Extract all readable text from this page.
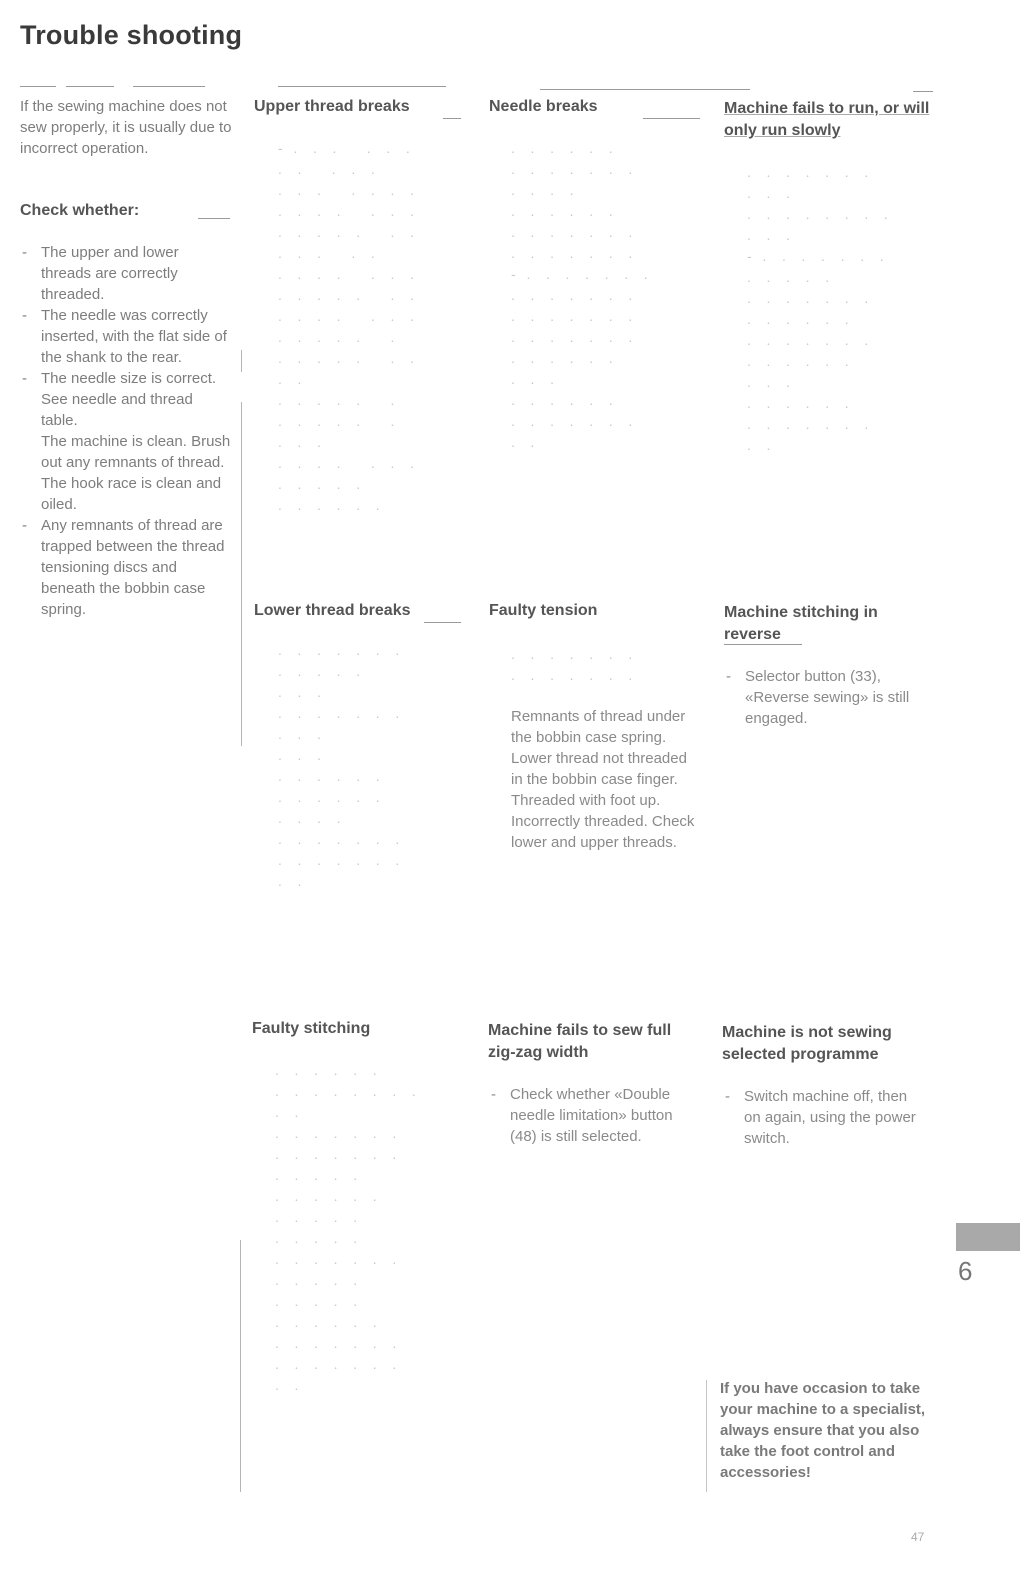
Trouble shooting
If the sewing machine does not sew properly, it is usually due to incorrect operation.
Check whether:
- The upper and lower threads are correctly threaded.
- The needle was correctly inserted, with the flat side of the shank to the rear.
- The needle size is correct. See needle and thread table.
The machine is clean. Brush out any remnants of thread.
The hook race is clean and oiled.
- Any remnants of thread are trapped between the thread tensioning discs and beneath the bobbin case spring.
Upper thread breaks
-  .   .   .      .   .   .
.   .      .   .   .
.   .   .      .   .   .   .
.   .   .   .      .   .   .
.   .   .   .   .      .   .
.   .   .      .   .
.   .   .   .      .   .   .
.   .   .   .   .      .   .
.   .   .   .      .   .   .
.   .   .   .   .      .
.   .   .   .   .      .   .
.   .
.   .   .   .   .      .
.   .   .   .   .      .
.   .   .
.   .   .   .      .   .   .
.   .   .   .   .
.   .   .   .   .   .
Needle breaks
.   .   .   .   .   .
.   .   .   .   .   .   .
.   .   .   .
.   .   .   .   .   .
.   .   .   .   .   .   .
.   .   .   .   .   .   .
-  .   .   .   .   .   .   .
.   .   .   .   .   .   .
.   .   .   .   .   .   .
.   .   .   .   .   .   .
.   .   .   .   .   .
.   .   .
.   .   .   .   .   .
.   .   .   .   .   .   .
.   .
Machine fails to run, or will only run slowly
.   .   .   .   .   .   .
.   .   .
.   .   .   .   .   .   .   .
.   .   .
-  .   .   .   .   .   .   .
.   .   .   .   .
.   .   .   .   .   .   .
.   .   .   .   .   .
.   .   .   .   .   .   .
.   .   .   .   .   .
.   .   .
.   .   .   .   .   .
.   .   .   .   .   .   .
.   .
Lower thread breaks
.   .   .   .   .   .   .
.   .   .   .   .
.   .   .
.   .   .   .   .   .   .
.   .   .
.   .   .
.   .   .   .   .   .
.   .   .   .   .   .
.   .   .   .
.   .   .   .   .   .   .
.   .   .   .   .   .   .
.   .
Faulty tension
.   .   .   .   .   .   .
.   .   .   .   .   .   .
Remnants of thread under the bobbin case spring.
Lower thread not threaded in the bobbin case finger.
Threaded with foot up.
Incorrectly threaded. Check lower and upper threads.
Machine stitching in reverse
- Selector button (33), «Reverse sewing» is still engaged.
Faulty stitching
.   .   .   .   .   .
.   .   .   .   .   .   .   .
.   .
.   .   .   .   .   .   .
.   .   .   .   .   .   .
.   .   .   .   .
.   .   .   .   .   .
.   .   .   .   .
.   .   .   .   .
.   .   .   .   .   .   .
.   .   .   .   .
.   .   .   .   .
.   .   .   .   .   .
.   .   .   .   .   .   .
.   .   .   .   .   .   .
.   .
Machine fails to sew full zig-zag width
- Check whether «Double needle limitation» button (48) is still selected.
Machine is not sewing selected programme
- Switch machine off, then on again, using the power switch.
6
If you have occasion to take your machine to a specialist, always ensure that you also take the foot control and accessories!
47
